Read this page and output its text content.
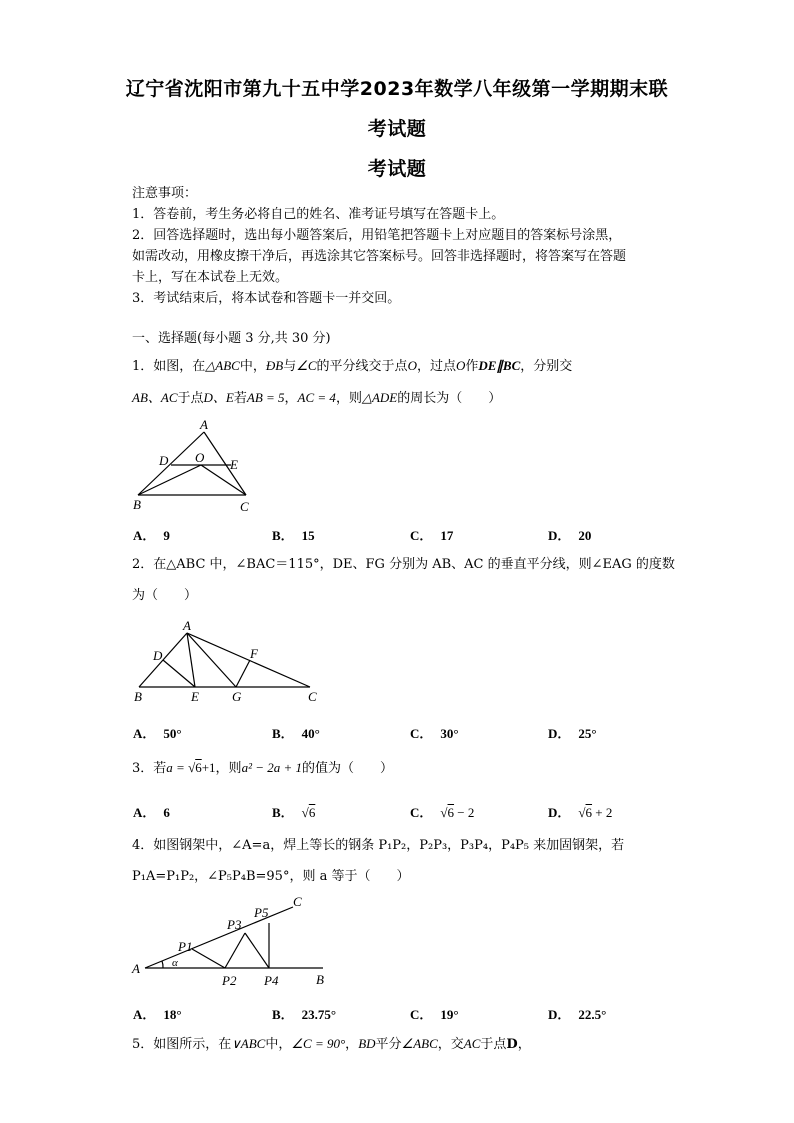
辽宁省沈阳市第九十五中学2023年数学八年级第一学期期末联
考试题
考试题
注意事项：
1．答卷前，考生务必将自己的姓名、准考证号填写在答题卡上。
2．回答选择题时，选出每小题答案后，用铅笔把答题卡上对应题目的答案标号涂黑，
如需改动，用橡皮擦干净后，再选涂其它答案标号。回答非选择题时，将答案写在答题
卡上，写在本试卷上无效。
3．考试结束后，将本试卷和答题卡一并交回。
一、选择题(每小题 3 分,共 30 分)
1．如图，在△ABC中，ÐB与∠C的平分线交于点O，过点O作DE∥BC，分别交
AB、AC于点D、E若AB = 5，AC = 4，则△ADE的周长为（　　）
A
D O E
B	C
A． 9	B． 15	C． 17	D． 20
2．在△ABC 中，∠BAC＝115°，DE、FG 分别为 AB、AC 的垂直平分线，则∠EAG 的度数
为（　　）
A
D	F
B	E	G	C
A． 50°	B． 40°	C． 30°	D． 25°
3．若a = √6+1，则a² − 2a + 1的值为（　　）
A． 6	B． √6	C． √6 − 2	D． √6 + 2
4．如图钢架中，∠A=a，焊上等长的钢条 P₁P₂，P₂P₃，P₃P₄，P₄P₅ 来加固钢架，若
P₁A=P₁P₂，∠P₅P₄B=95°，则 a 等于（　　）
A	α
P1
P2
P3
P4
P5
B
C
A． 18°	B． 23.75°	C． 19°	D． 22.5°
5．如图所示，在∨ABC中，∠C = 90°，BD平分∠ABC，交AC于点D，
